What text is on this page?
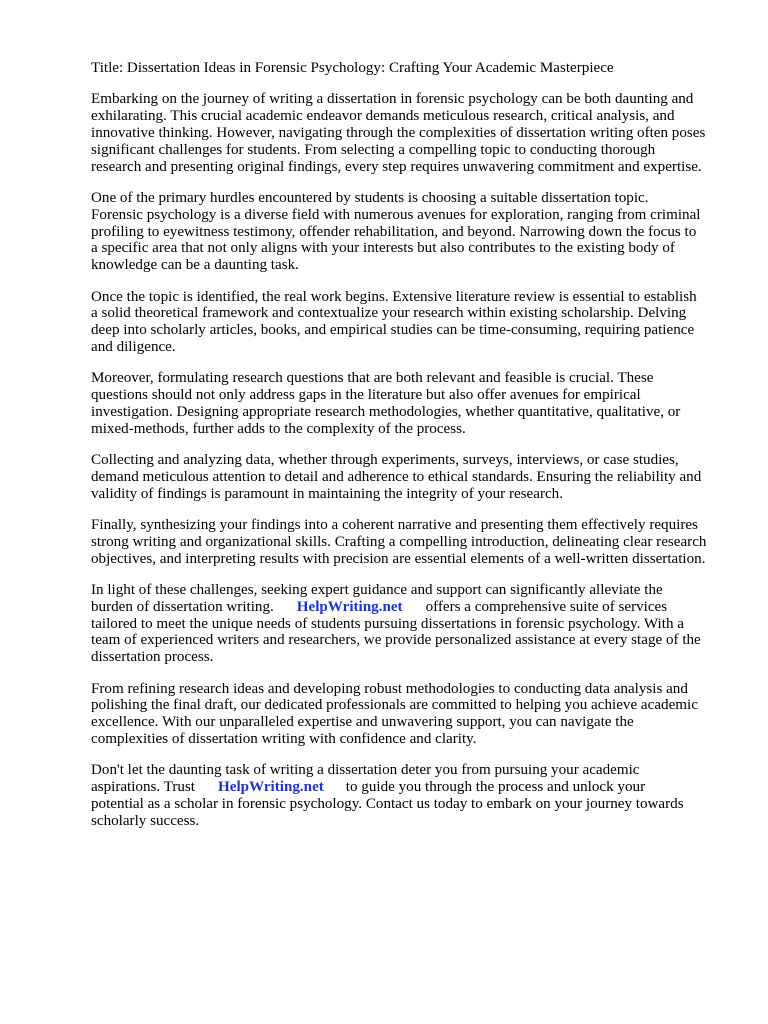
Title: Dissertation Ideas in Forensic Psychology: Crafting Your Academic Masterpiece

Embarking on the journey of writing a dissertation in forensic psychology can be both daunting and
exhilarating. This crucial academic endeavor demands meticulous research, critical analysis, and
innovative thinking. However, navigating through the complexities of dissertation writing often poses
significant challenges for students. From selecting a compelling topic to conducting thorough
research and presenting original findings, every step requires unwavering commitment and expertise.

One of the primary hurdles encountered by students is choosing a suitable dissertation topic.
Forensic psychology is a diverse field with numerous avenues for exploration, ranging from criminal
profiling to eyewitness testimony, offender rehabilitation, and beyond. Narrowing down the focus to
a specific area that not only aligns with your interests but also contributes to the existing body of
knowledge can be a daunting task.

Once the topic is identified, the real work begins. Extensive literature review is essential to establish
a solid theoretical framework and contextualize your research within existing scholarship. Delving
deep into scholarly articles, books, and empirical studies can be time-consuming, requiring patience
and diligence.

Moreover, formulating research questions that are both relevant and feasible is crucial. These
questions should not only address gaps in the literature but also offer avenues for empirical
investigation. Designing appropriate research methodologies, whether quantitative, qualitative, or
mixed-methods, further adds to the complexity of the process.

Collecting and analyzing data, whether through experiments, surveys, interviews, or case studies,
demand meticulous attention to detail and adherence to ethical standards. Ensuring the reliability and
validity of findings is paramount in maintaining the integrity of your research.

Finally, synthesizing your findings into a coherent narrative and presenting them effectively requires
strong writing and organizational skills. Crafting a compelling introduction, delineating clear research
objectives, and interpreting results with precision are essential elements of a well-written dissertation.

In light of these challenges, seeking expert guidance and support can significantly alleviate the
burden of dissertation writing. HelpWriting.net offers a comprehensive suite of services
tailored to meet the unique needs of students pursuing dissertations in forensic psychology. With a
team of experienced writers and researchers, we provide personalized assistance at every stage of the
dissertation process.

From refining research ideas and developing robust methodologies to conducting data analysis and
polishing the final draft, our dedicated professionals are committed to helping you achieve academic
excellence. With our unparalleled expertise and unwavering support, you can navigate the
complexities of dissertation writing with confidence and clarity.

Don't let the daunting task of writing a dissertation deter you from pursuing your academic
aspirations. Trust HelpWriting.net to guide you through the process and unlock your
potential as a scholar in forensic psychology. Contact us today to embark on your journey towards
scholarly success.
